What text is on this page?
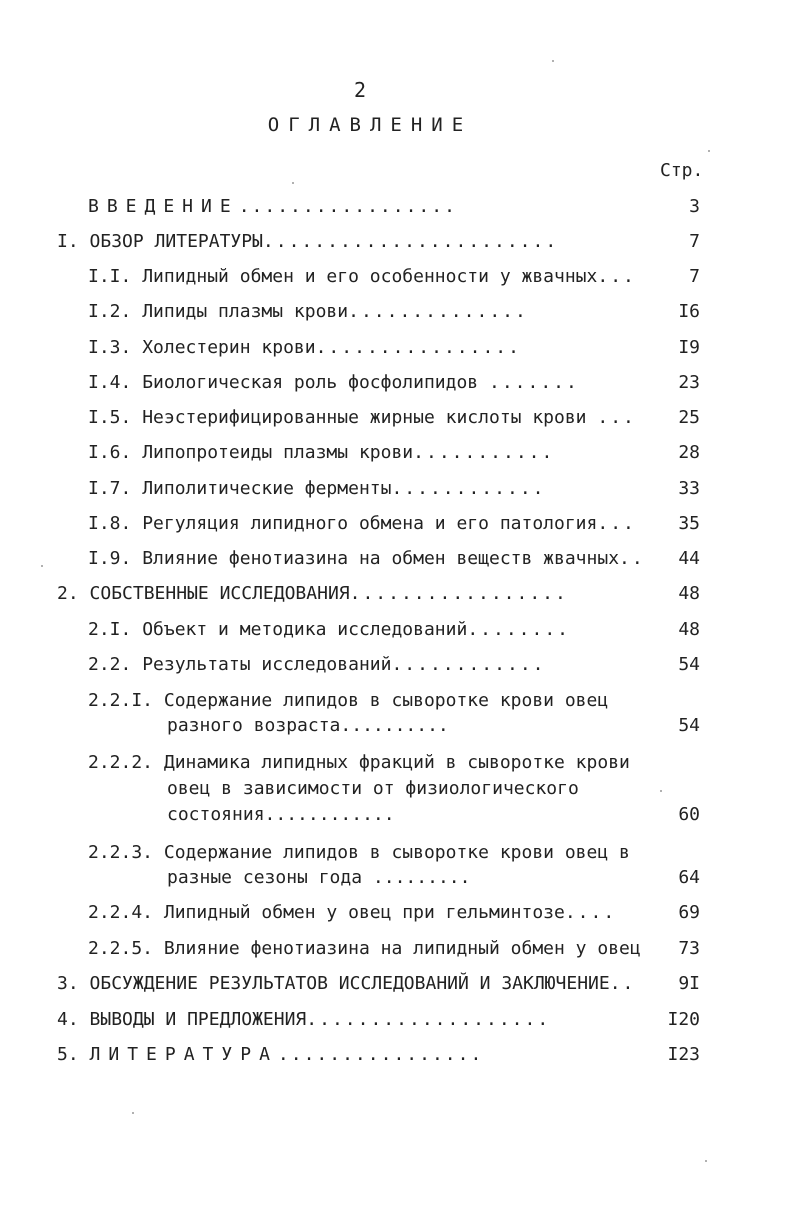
2
ОГЛАВЛЕНИЕ
Стр.
ВВЕДЕНИЕ.................	3
I. ОБЗОР ЛИТЕРАТУРЫ.......................	7
I.I. Липидный обмен и его особенности у жвачных...	7
I.2. Липиды плазмы крови..............	I6
I.3. Холестерин крови................	I9
I.4. Биологическая роль фосфолипидов .......	23
I.5. Неэстерифицированные жирные кислоты крови ...	25
I.6. Липопротеиды плазмы крови...........	28
I.7. Липолитические ферменты............	33
I.8. Регуляция липидного обмена и его патология...	35
I.9. Влияние фенотиазина на обмен веществ жвачных..	44
2. СОБСТВЕННЫЕ ИССЛЕДОВАНИЯ.................	48
2.I. Объект и методика исследований........	48
2.2. Результаты исследований............	54
2.2.I. Содержание липидов в сыворотке крови овец
разного возраста..........	54
2.2.2. Динамика липидных фракций в сыворотке крови
овец в зависимости от физиологического
состояния............	60
2.2.3. Содержание липидов в сыворотке крови овец в
разные сезоны года .........	64
2.2.4. Липидный обмен у овец при гельминтозе....	69
2.2.5. Влияние фенотиазина на липидный обмен у овец	73
3. ОБСУЖДЕНИЕ РЕЗУЛЬТАТОВ ИССЛЕДОВАНИЙ И ЗАКЛЮЧЕНИЕ..	9I
4. ВЫВОДЫ И ПРЕДЛОЖЕНИЯ...................	I20
5. ЛИТЕРАТУРА................	I23
